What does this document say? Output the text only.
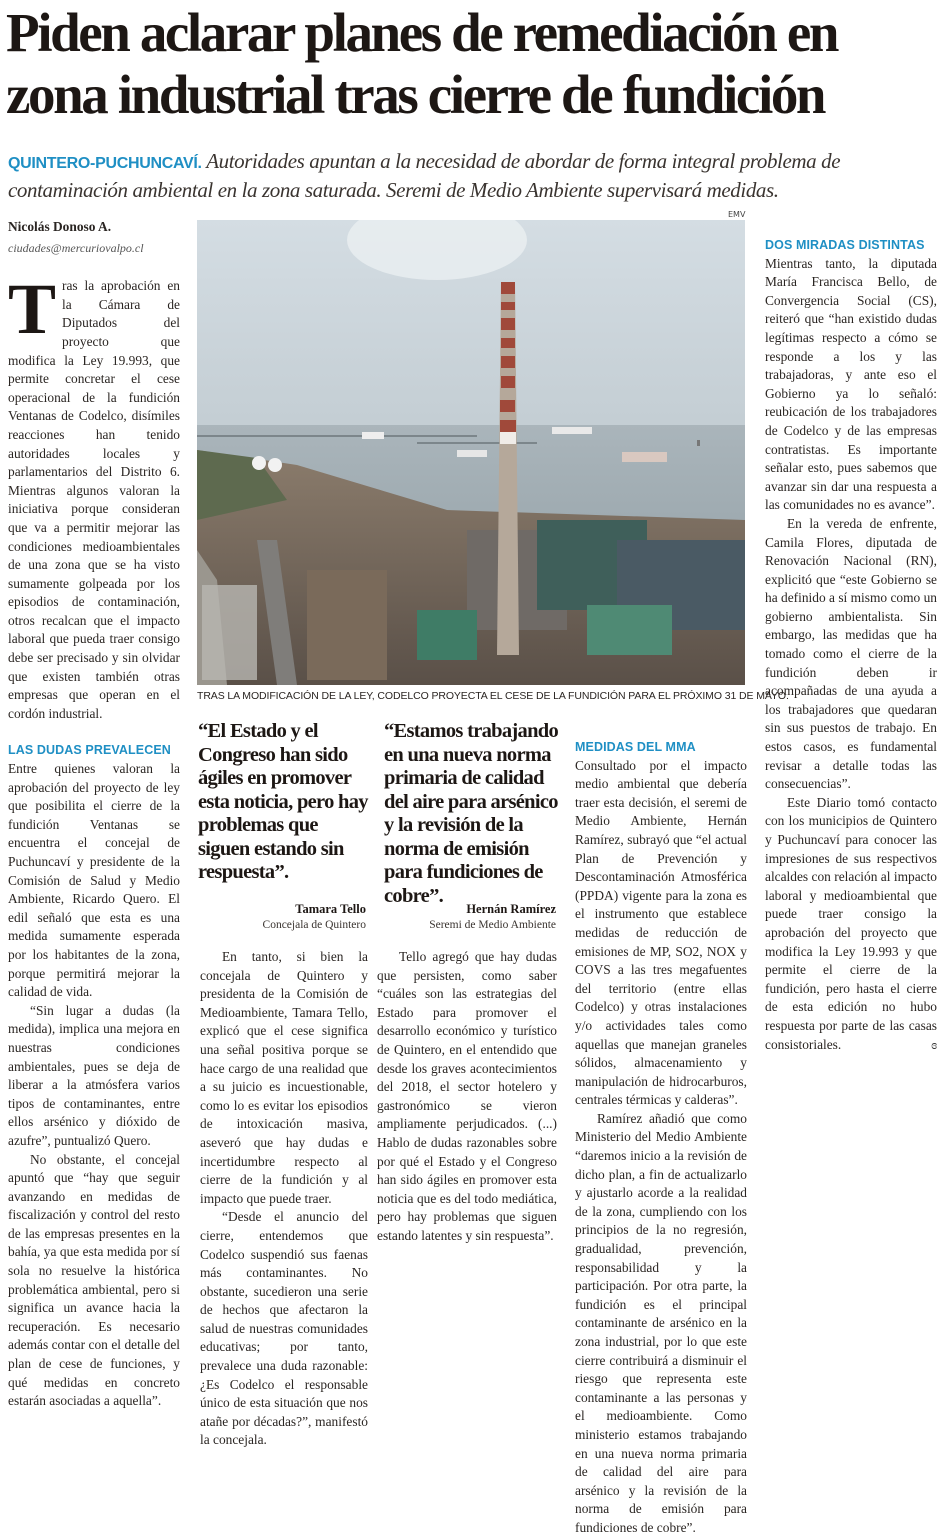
Piden aclarar planes de remediación en
zona industrial tras cierre de fundición
QUINTERO-PUCHUNCAVÍ. Autoridades apuntan a la necesidad de abordar de forma integral problema de contaminación ambiental en la zona saturada. Seremi de Medio Ambiente supervisará medidas.

Nicolás Donoso A.

ciudades@mercuriovalpo.cl

Tras la aprobación en la Cámara de Diputados del proyecto que modifica la Ley 19.993, que permite concretar el cese operacional de la fundición Ventanas de Codelco, disímiles reacciones han tenido autoridades locales y parlamentarios del Distrito 6. Mientras algunos valoran la iniciativa porque consideran que va a permitir mejorar las condiciones medioambientales de una zona que se ha visto sumamente golpeada por los episodios de contaminación, otros recalcan que el impacto laboral que pueda traer consigo debe ser precisado y sin olvidar que existen también otras empresas que operan en el cordón industrial.

LAS DUDAS PREVALECEN

Entre quienes valoran la aprobación del proyecto de ley que posibilita el cierre de la fundición Ventanas se encuentra el concejal de Puchuncaví y presidente de la Comisión de Salud y Medio Ambiente, Ricardo Quero. El edil señaló que esta es una medida sumamente esperada por los habitantes de la zona, porque permitirá mejorar la calidad de vida.

“Sin lugar a dudas (la medida), implica una mejora en nuestras condiciones ambientales, pues se deja de liberar a la atmósfera varios tipos de contaminantes, entre ellos arsénico y dióxido de azufre”, puntualizó Quero.

No obstante, el concejal apuntó que “hay que seguir avanzando en medidas de fiscalización y control del resto de las empresas presentes en la bahía, ya que esta medida por sí sola no resuelve la histórica problemática ambiental, pero si significa un avance hacia la recuperación. Es necesario además contar con el detalle del plan de cese de funciones, y qué medidas en concreto estarán asociadas a aquella”.

EMV
TRAS LA MODIFICACIÓN DE LA LEY, CODELCO PROYECTA EL CESE DE LA FUNDICIÓN PARA EL PRÓXIMO 31 DE MAYO.
“El Estado y el Congreso han sido ágiles en promover esta noticia, pero hay problemas que siguen estando sin respuesta”.
Tamara Tello
Concejala de Quintero
“Estamos trabajando en una nueva norma primaria de calidad del aire para arsénico y la revisión de la norma de emisión para fundiciones de cobre”.
Hernán Ramírez
Seremi de Medio Ambiente

En tanto, si bien la concejala de Quintero y presidenta de la Comisión de Medioambiente, Tamara Tello, explicó que el cese significa una señal positiva porque se hace cargo de una realidad que a su juicio es incuestionable, como lo es evitar los episodios de intoxicación masiva, aseveró que hay dudas e incertidumbre respecto al cierre de la fundición y al impacto que puede traer.

“Desde el anuncio del cierre, entendemos que Codelco suspendió sus faenas más contaminantes. No obstante, sucedieron una serie de hechos que afectaron la salud de nuestras comunidades educativas; por tanto, prevalece una duda razonable: ¿Es Codelco el responsable único de esta situación que nos atañe por décadas?”, manifestó la concejala.

Tello agregó que hay dudas que persisten, como saber “cuáles son las estrategias del Estado para promover el desarrollo económico y turístico de Quintero, en el entendido que desde los graves acontecimientos del 2018, el sector hotelero y gastronómico se vieron ampliamente perjudicados. (...) Hablo de dudas razonables sobre por qué el Estado y el Congreso han sido ágiles en promover esta noticia que es del todo mediática, pero hay problemas que siguen estando latentes y sin respuesta”.

MEDIDAS DEL MMA

Consultado por el impacto medio ambiental que debería traer esta decisión, el seremi de Medio Ambiente, Hernán Ramírez, subrayó que “el actual Plan de Prevención y Descontaminación Atmosférica (PPDA) vigente para la zona es el instrumento que establece medidas de reducción de emisiones de MP, SO2, NOX y COVS a las tres megafuentes del territorio (entre ellas Codelco) y otras instalaciones y/o actividades tales como aquellas que manejan graneles sólidos, almacenamiento y manipulación de hidrocarburos, centrales térmicas y calderas”.

Ramírez añadió que como Ministerio del Medio Ambiente “daremos inicio a la revisión de dicho plan, a fin de actualizarlo y ajustarlo acorde a la realidad de la zona, cumpliendo con los principios de la no regresión, gradualidad, prevención, responsabilidad y la participación. Por otra parte, la fundición es el principal contaminante de arsénico en la zona industrial, por lo que este cierre contribuirá a disminuir el riesgo que representa este contaminante a las personas y el medioambiente. Como ministerio estamos trabajando en una nueva norma primaria de calidad del aire para arsénico y la revisión de la norma de emisión para fundiciones de cobre”.

DOS MIRADAS DISTINTAS

Mientras tanto, la diputada María Francisca Bello, de Convergencia Social (CS), reiteró que “han existido dudas legítimas respecto a cómo se responde a los y las trabajadoras, y ante eso el Gobierno ya lo señaló: reubicación de los trabajadores de Codelco y de las empresas contratistas. Es importante señalar esto, pues sabemos que avanzar sin dar una respuesta a las comunidades no es avance”.

En la vereda de enfrente, Camila Flores, diputada de Renovación Nacional (RN), explicitó que “este Gobierno se ha definido a sí mismo como un gobierno ambientalista. Sin embargo, las medidas que ha tomado como el cierre de la fundición deben ir acompañadas de una ayuda a los trabajadores que quedaran sin sus puestos de trabajo. En estos casos, es fundamental revisar a detalle todas las consecuencias”.

Este Diario tomó contacto con los municipios de Quintero y Puchuncaví para conocer las impresiones de sus respectivos alcaldes con relación al impacto laboral y medioambiental que puede traer consigo la aprobación del proyecto que modifica la Ley 19.993 y que permite el cierre de la fundición, pero hasta el cierre de esta edición no hubo respuesta por parte de las casas consistoriales.	ɞ
